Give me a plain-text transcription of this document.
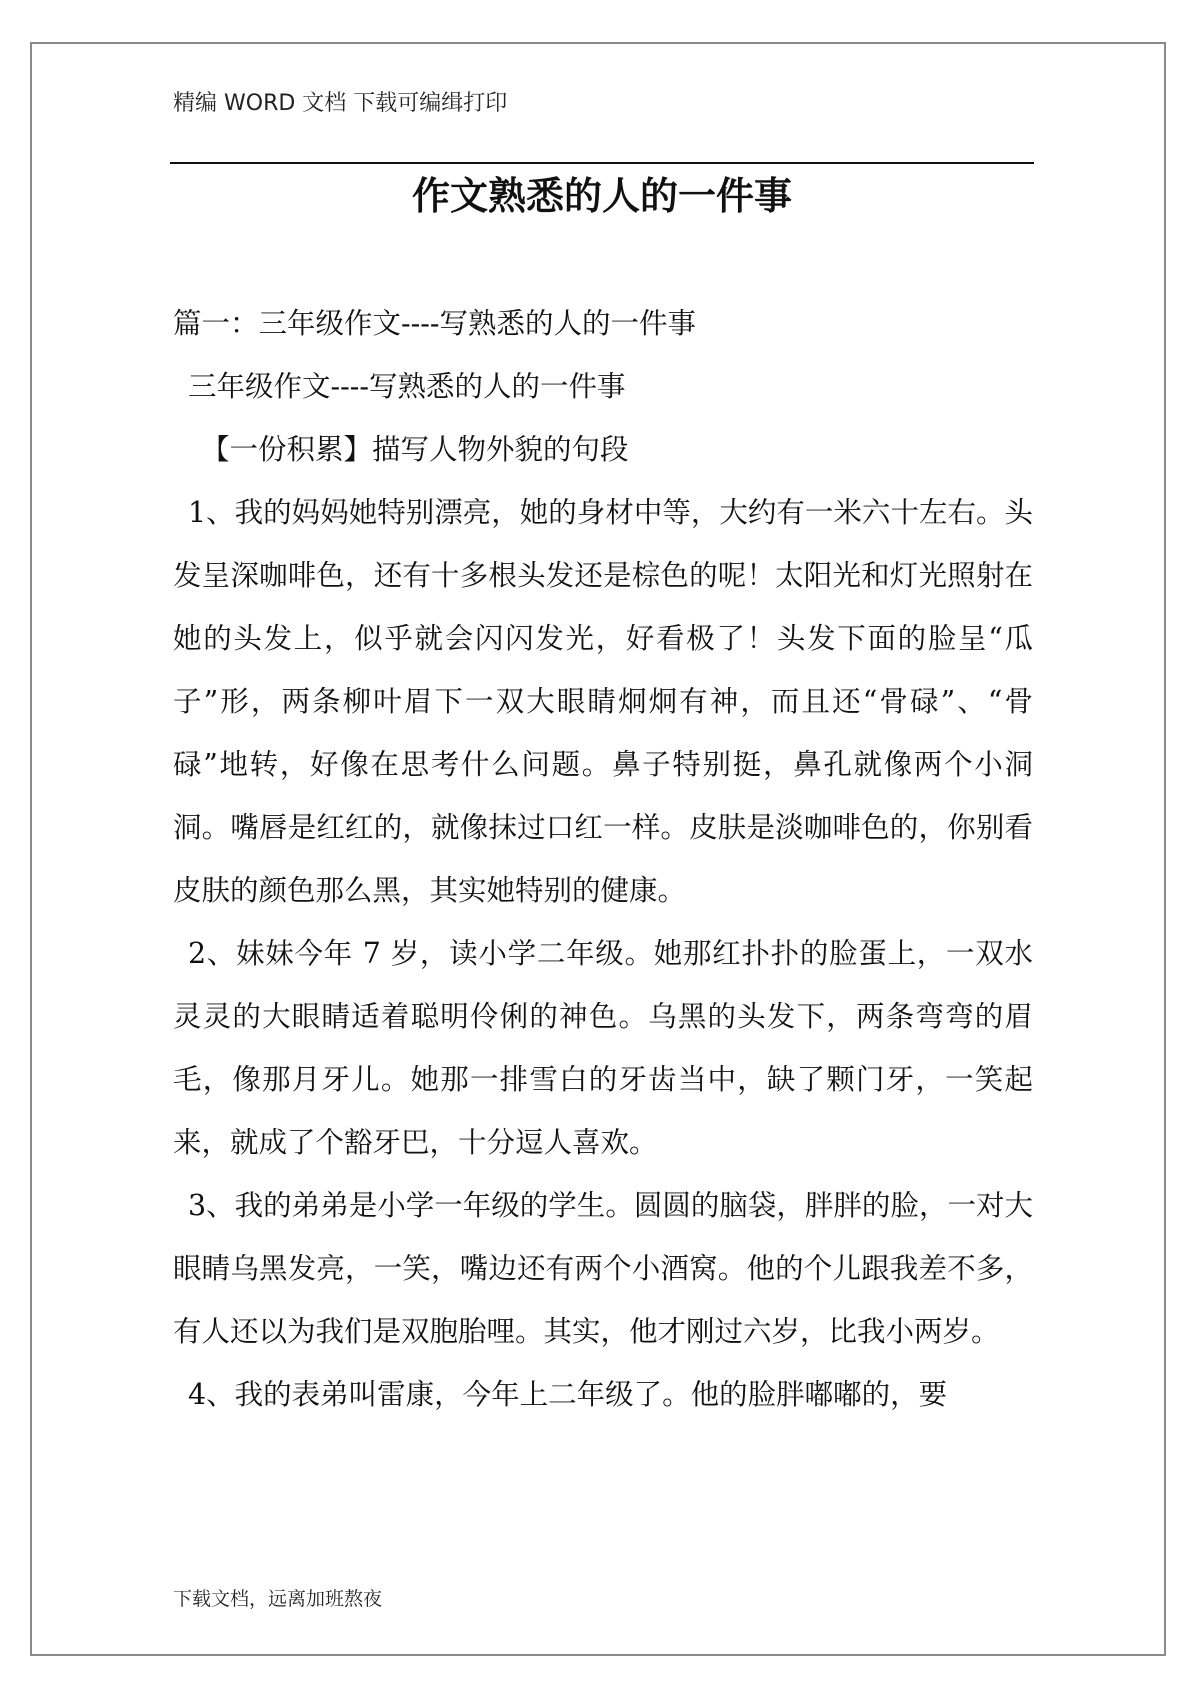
精编 WORD 文档 下载可编缉打印
作文熟悉的人的一件事

篇一：三年级作文----写熟悉的人的一件事

三年级作文----写熟悉的人的一件事

【一份积累】描写人物外貌的句段

1、我的妈妈她特别漂亮，她的身材中等，大约有一米六十左右。头发呈深咖啡色，还有十多根头发还是棕色的呢！太阳光和灯光照射在她的头发上，似乎就会闪闪发光，好看极了！头发下面的脸呈“瓜子”形，两条柳叶眉下一双大眼睛炯炯有神，而且还“骨碌”、“骨碌”地转，好像在思考什么问题。鼻子特别挺，鼻孔就像两个小洞洞。嘴唇是红红的，就像抹过口红一样。皮肤是淡咖啡色的，你别看皮肤的颜色那么黑，其实她特别的健康。

2、妹妹今年 7 岁，读小学二年级。她那红扑扑的脸蛋上，一双水灵灵的大眼睛适着聪明伶俐的神色。乌黑的头发下，两条弯弯的眉毛，像那月牙儿。她那一排雪白的牙齿当中，缺了颗门牙，一笑起来，就成了个豁牙巴，十分逗人喜欢。

3、我的弟弟是小学一年级的学生。圆圆的脑袋，胖胖的脸，一对大眼睛乌黑发亮，一笑，嘴边还有两个小酒窝。他的个儿跟我差不多，有人还以为我们是双胞胎哩。其实，他才刚过六岁，比我小两岁。

4、我的表弟叫雷康，今年上二年级了。他的脸胖嘟嘟的，要

下载文档，远离加班熬夜
